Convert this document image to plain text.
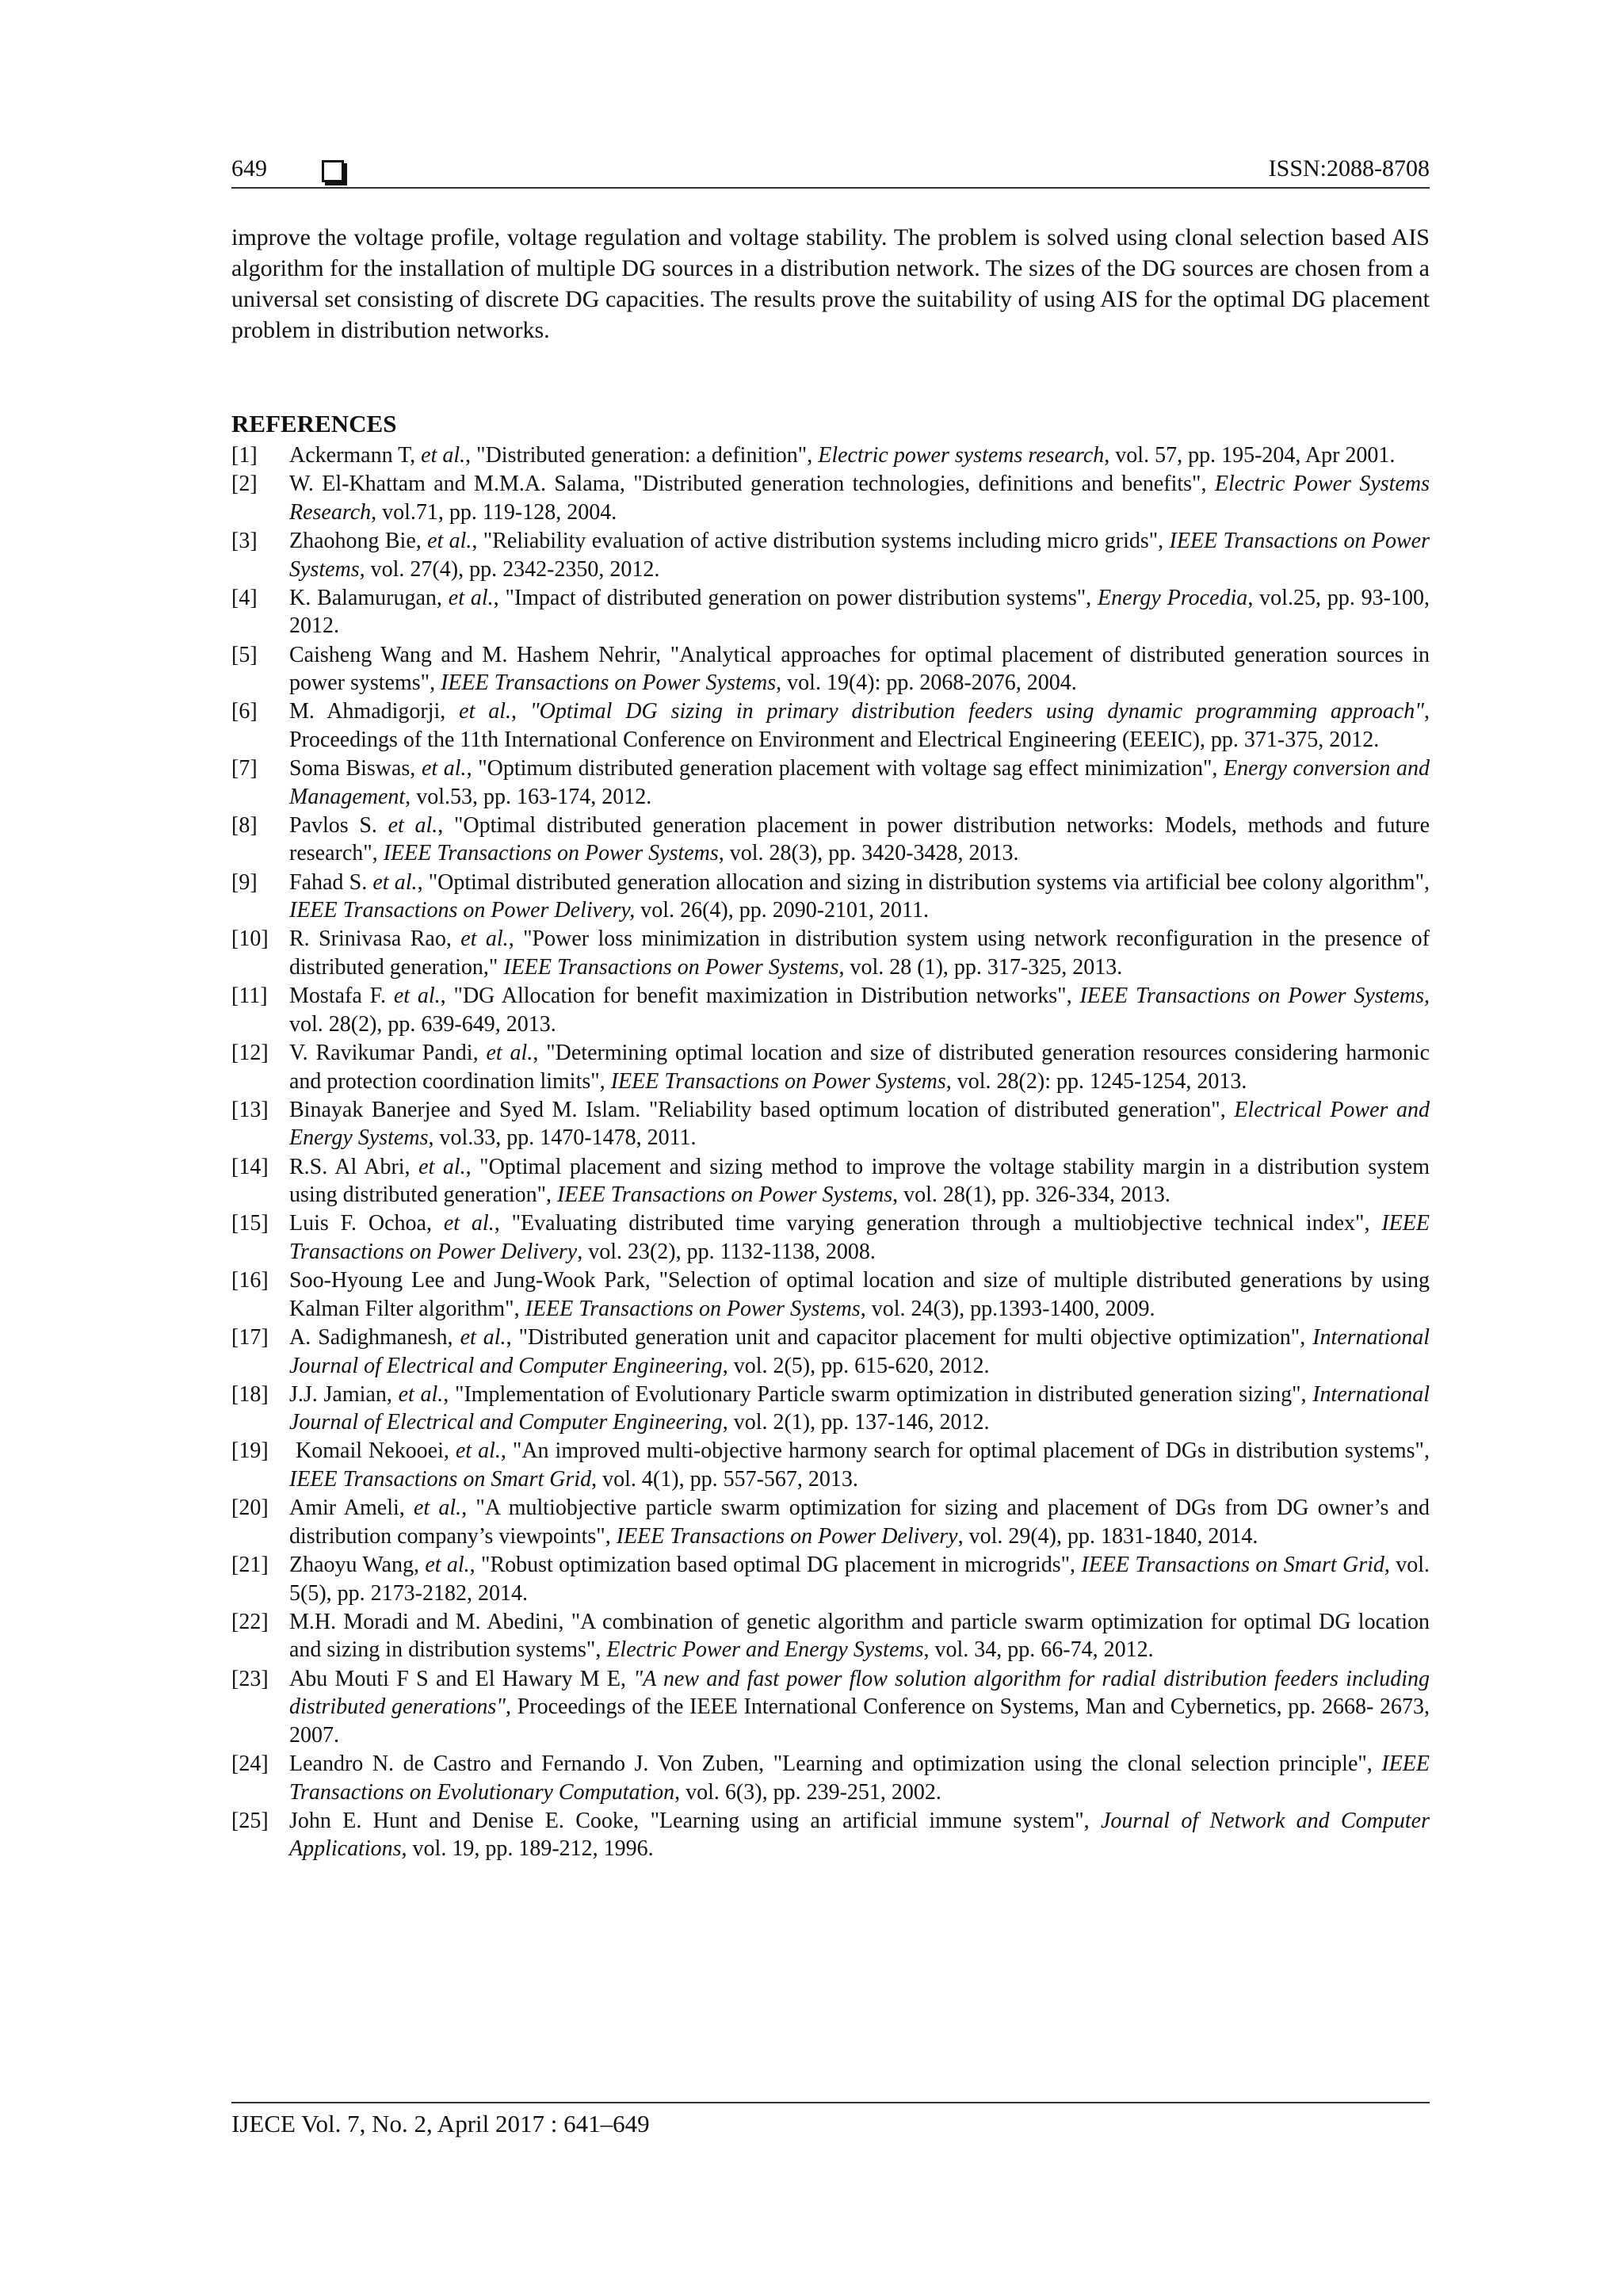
649	ISSN:2088-8708

improve the voltage profile, voltage regulation and voltage stability. The problem is solved using clonal selection based AIS algorithm for the installation of multiple DG sources in a distribution network. The sizes of the DG sources are chosen from a universal set consisting of discrete DG capacities. The results prove the suitability of using AIS for the optimal DG placement problem in distribution networks.

REFERENCES
[1] Ackermann T, et al., "Distributed generation: a definition", Electric power systems research, vol. 57, pp. 195-204, Apr 2001.
[2] W. El-Khattam and M.M.A. Salama, "Distributed generation technologies, definitions and benefits", Electric Power Systems Research, vol.71, pp. 119-128, 2004.
[3] Zhaohong Bie, et al., "Reliability evaluation of active distribution systems including micro grids", IEEE Transactions on Power Systems, vol. 27(4), pp. 2342-2350, 2012.
[4] K. Balamurugan, et al., "Impact of distributed generation on power distribution systems", Energy Procedia, vol.25, pp. 93-100, 2012.
[5] Caisheng Wang and M. Hashem Nehrir, "Analytical approaches for optimal placement of distributed generation sources in power systems", IEEE Transactions on Power Systems, vol. 19(4): pp. 2068-2076, 2004.
[6] M. Ahmadigorji, et al., "Optimal DG sizing in primary distribution feeders using dynamic programming approach", Proceedings of the 11th International Conference on Environment and Electrical Engineering (EEEIC), pp. 371-375, 2012.
[7] Soma Biswas, et al., "Optimum distributed generation placement with voltage sag effect minimization", Energy conversion and Management, vol.53, pp. 163-174, 2012.
[8] Pavlos S. et al., "Optimal distributed generation placement in power distribution networks: Models, methods and future research", IEEE Transactions on Power Systems, vol. 28(3), pp. 3420-3428, 2013.
[9] Fahad S. et al., "Optimal distributed generation allocation and sizing in distribution systems via artificial bee colony algorithm", IEEE Transactions on Power Delivery, vol. 26(4), pp. 2090-2101, 2011.
[10] R. Srinivasa Rao, et al., "Power loss minimization in distribution system using network reconfiguration in the presence of distributed generation," IEEE Transactions on Power Systems, vol. 28 (1), pp. 317-325, 2013.
[11] Mostafa F. et al., "DG Allocation for benefit maximization in Distribution networks", IEEE Transactions on Power Systems, vol. 28(2), pp. 639-649, 2013.
[12] V. Ravikumar Pandi, et al., "Determining optimal location and size of distributed generation resources considering harmonic and protection coordination limits", IEEE Transactions on Power Systems, vol. 28(2): pp. 1245-1254, 2013.
[13] Binayak Banerjee and Syed M. Islam. "Reliability based optimum location of distributed generation", Electrical Power and Energy Systems, vol.33, pp. 1470-1478, 2011.
[14] R.S. Al Abri, et al., "Optimal placement and sizing method to improve the voltage stability margin in a distribution system using distributed generation", IEEE Transactions on Power Systems, vol. 28(1), pp. 326-334, 2013.
[15] Luis F. Ochoa, et al., "Evaluating distributed time varying generation through a multiobjective technical index", IEEE Transactions on Power Delivery, vol. 23(2), pp. 1132-1138, 2008.
[16] Soo-Hyoung Lee and Jung-Wook Park, "Selection of optimal location and size of multiple distributed generations by using Kalman Filter algorithm", IEEE Transactions on Power Systems, vol. 24(3), pp.1393-1400, 2009.
[17] A. Sadighmanesh, et al., "Distributed generation unit and capacitor placement for multi objective optimization", International Journal of Electrical and Computer Engineering, vol. 2(5), pp. 615-620, 2012.
[18] J.J. Jamian, et al., "Implementation of Evolutionary Particle swarm optimization in distributed generation sizing", International Journal of Electrical and Computer Engineering, vol. 2(1), pp. 137-146, 2012.
[19] Komail Nekooei, et al., "An improved multi-objective harmony search for optimal placement of DGs in distribution systems", IEEE Transactions on Smart Grid, vol. 4(1), pp. 557-567, 2013.
[20] Amir Ameli, et al., "A multiobjective particle swarm optimization for sizing and placement of DGs from DG owner’s and distribution company’s viewpoints", IEEE Transactions on Power Delivery, vol. 29(4), pp. 1831-1840, 2014.
[21] Zhaoyu Wang, et al., "Robust optimization based optimal DG placement in microgrids", IEEE Transactions on Smart Grid, vol. 5(5), pp. 2173-2182, 2014.
[22] M.H. Moradi and M. Abedini, "A combination of genetic algorithm and particle swarm optimization for optimal DG location and sizing in distribution systems", Electric Power and Energy Systems, vol. 34, pp. 66-74, 2012.
[23] Abu Mouti F S and El Hawary M E, "A new and fast power flow solution algorithm for radial distribution feeders including distributed generations", Proceedings of the IEEE International Conference on Systems, Man and Cybernetics, pp. 2668- 2673, 2007.
[24] Leandro N. de Castro and Fernando J. Von Zuben, "Learning and optimization using the clonal selection principle", IEEE Transactions on Evolutionary Computation, vol. 6(3), pp. 239-251, 2002.
[25] John E. Hunt and Denise E. Cooke, "Learning using an artificial immune system", Journal of Network and Computer Applications, vol. 19, pp. 189-212, 1996.
IJECE Vol. 7, No. 2, April 2017 : 641–649
